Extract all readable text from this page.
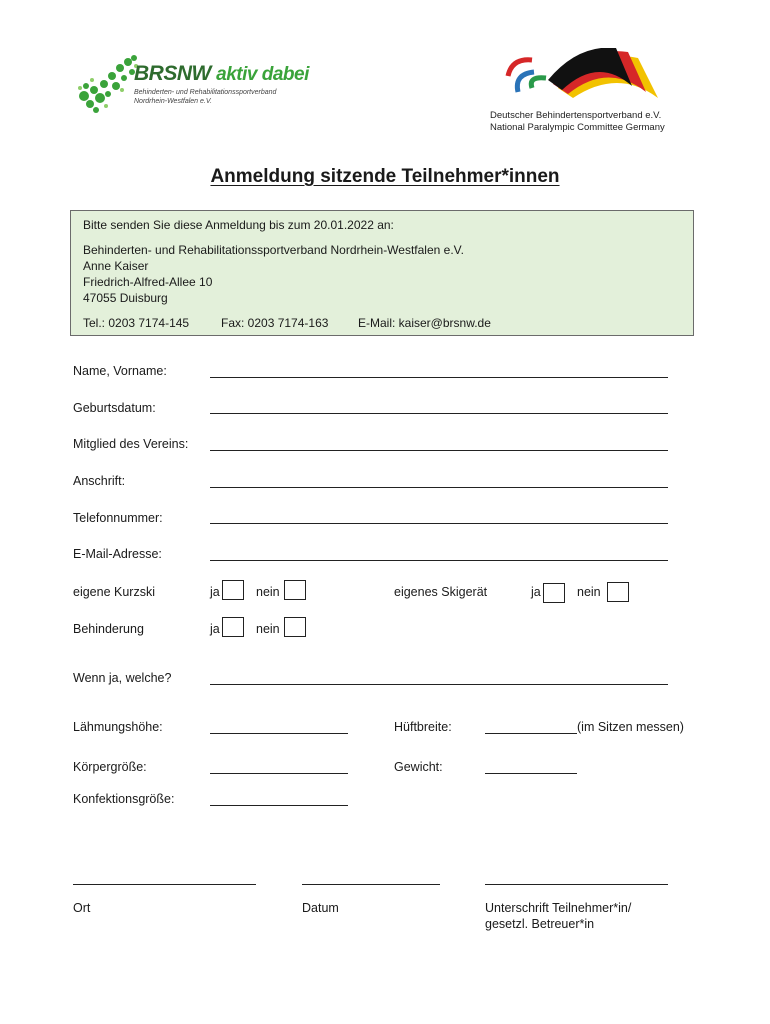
BRSNW aktiv dabei
Behinderten- und Rehabilitationssportverband
Nordrhein-Westfalen e.V.
Deutscher Behindertensportverband e.V.
National Paralympic Committee Germany
Anmeldung sitzende Teilnehmer*innen
Bitte senden Sie diese Anmeldung bis zum 20.01.2022 an:
Behinderten- und Rehabilitationssportverband Nordrhein-Westfalen e.V.
Anne Kaiser
Friedrich-Alfred-Allee 10
47055 Duisburg
Tel.: 0203 7174-145	Fax: 0203 7174-163 E-Mail: kaiser@brsnw.de
Name, Vorname:
Geburtsdatum:
Mitglied des Vereins:
Anschrift:
Telefonnummer:
E-Mail-Adresse:
eigene Kurzski	ja	nein	eigenes Skigerät	ja	nein
Behinderung	ja	nein
Wenn ja, welche?
Lähmungshöhe:	Hüftbreite:	(im Sitzen messen)
Körpergröße:	Gewicht:
Konfektionsgröße:
Ort	Datum	Unterschrift Teilnehmer*in/
gesetzl. Betreuer*in
